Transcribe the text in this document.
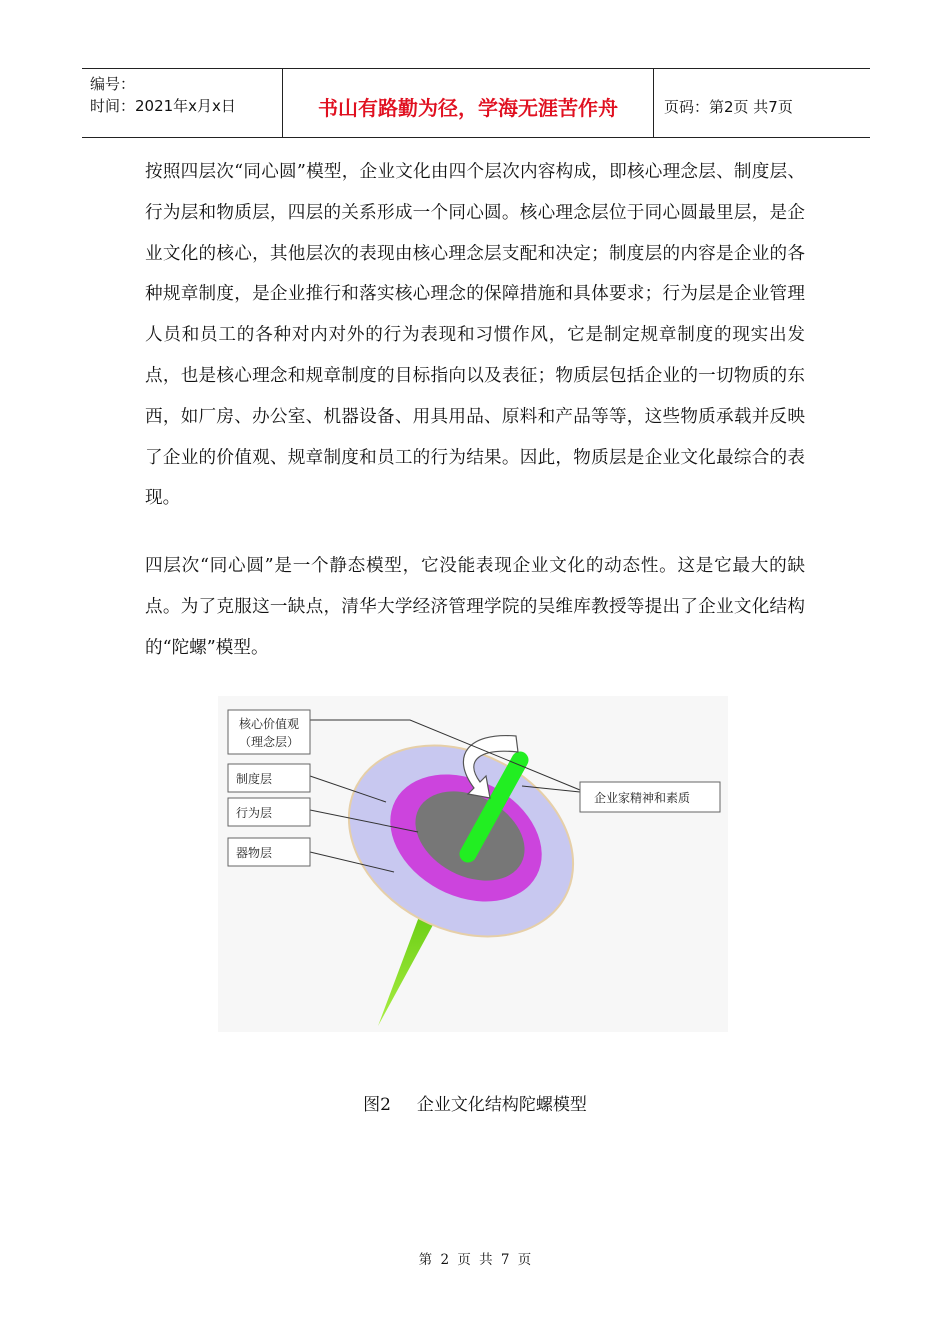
编号：
时间：2021年x月x日	书山有路勤为径，学海无涯苦作舟	页码：第2页 共7页

按照四层次“同心圆”模型，企业文化由四个层次内容构成，即核心理念层、制度层、行为层和物质层，四层的关系形成一个同心圆。核心理念层位于同心圆最里层，是企业文化的核心，其他层次的表现由核心理念层支配和决定；制度层的内容是企业的各种规章制度，是企业推行和落实核心理念的保障措施和具体要求；行为层是企业管理人员和员工的各种对内对外的行为表现和习惯作风，它是制定规章制度的现实出发点，也是核心理念和规章制度的目标指向以及表征；物质层包括企业的一切物质的东西，如厂房、办公室、机器设备、用具用品、原料和产品等等，这些物质承载并反映了企业的价值观、规章制度和员工的行为结果。因此，物质层是企业文化最综合的表现。

四层次“同心圆”是一个静态模型，它没能表现企业文化的动态性。这是它最大的缺点。为了克服这一缺点，清华大学经济管理学院的吴维库教授等提出了企业文化结构的“陀螺”模型。

核心价值观
（理念层）
制度层
行为层
器物层
企业家精神和素质
图2 企业文化结构陀螺模型
第 2 页 共 7 页
